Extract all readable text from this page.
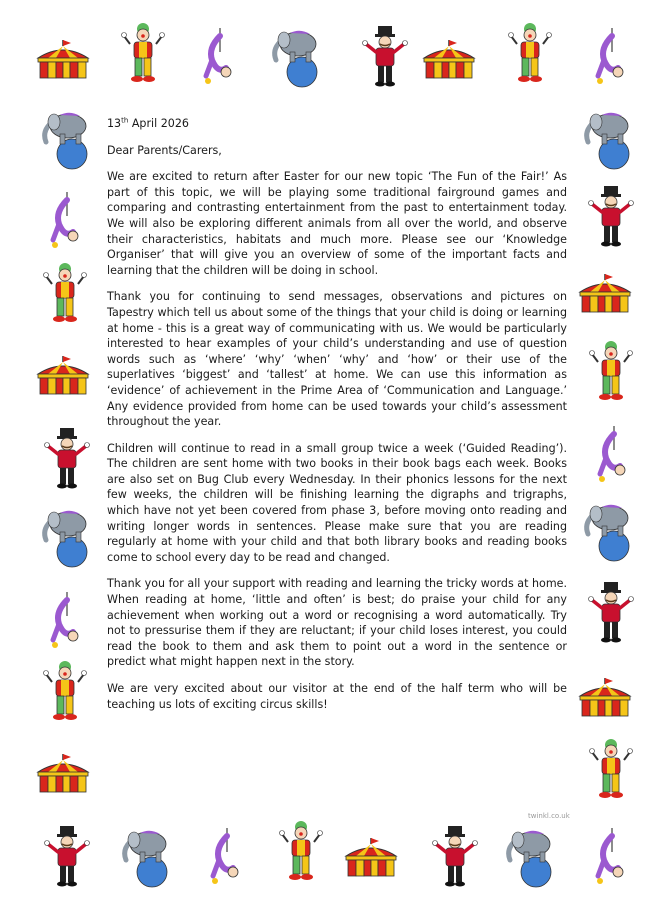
13th April 2026

Dear Parents/Carers,

We are excited to return after Easter for our new topic ‘The Fun of the Fair!’ As part of this topic, we will be playing some traditional fairground games and comparing and contrasting entertainment from the past to entertainment today. We will also be exploring different animals from all over the world, and observe their characteristics, habitats and much more. Please see our ‘Knowledge Organiser’ that will give you an overview of some of the important facts and learning that the children will be doing in school.

Thank you for continuing to send messages, observations and pictures on Tapestry which tell us about some of the things that your child is doing or learning at home - this is a great way of communicating with us. We would be particularly interested to hear examples of your child’s understanding and use of question words such as ‘where’ ‘why’ ‘when’ ‘why’ and ‘how’ or their use of the superlatives ‘biggest’ and ‘tallest’ at home. We can use this information as ‘evidence’ of achievement in the Prime Area of ‘Communication and Language.’ Any evidence provided from home can be used towards your child’s assessment throughout the year.

Children will continue to read in a small group twice a week (‘Guided Reading’). The children are sent home with two books in their book bags each week. Books are also set on Bug Club every Wednesday. In their phonics lessons for the next few weeks, the children will be finishing learning the digraphs and trigraphs, which have not yet been covered from phase 3, before moving onto reading and writing longer words in sentences. Please make sure that you are reading regularly at home with your child and that both library books and reading books come to school every day to be read and changed.

Thank you for all your support with reading and learning the tricky words at home. When reading at home, ‘little and often’ is best; do praise your child for any achievement when working out a word or recognising a word automatically. Try not to pressurise them if they are reluctant; if your child loses interest, you could read the book to them and ask them to point out a word in the sentence or predict what might happen next in the story.

We are very excited about our visitor at the end of the half term who will be teaching us lots of exciting circus skills!

twinkl.co.uk
